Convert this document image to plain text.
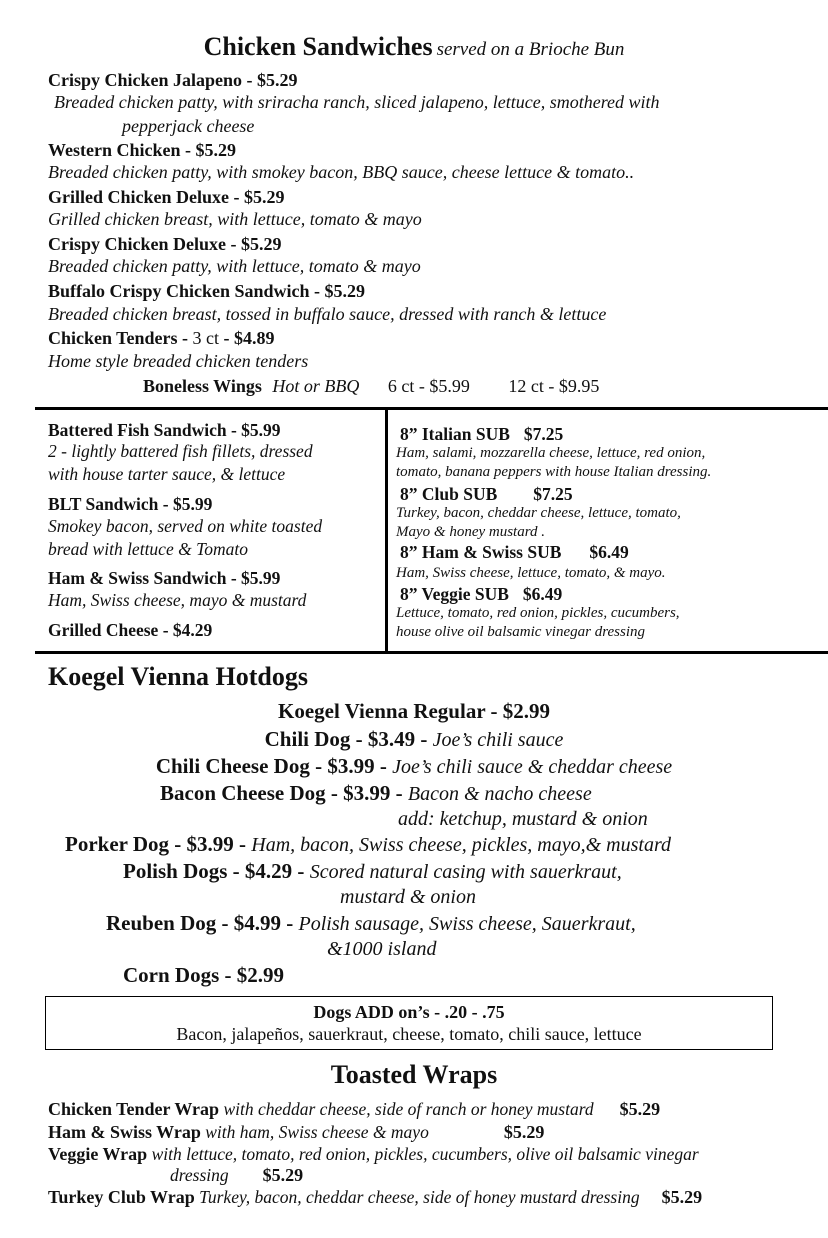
Chicken Sandwiches served on a Brioche Bun
Crispy Chicken Jalapeno - $5.29
Breaded chicken patty, with sriracha ranch, sliced jalapeno, lettuce, smothered with
pepperjack cheese
Western Chicken - $5.29
Breaded chicken patty, with smokey bacon, BBQ sauce, cheese lettuce & tomato..
Grilled Chicken Deluxe - $5.29
Grilled chicken breast, with lettuce, tomato & mayo
Crispy Chicken Deluxe - $5.29
Breaded chicken patty, with lettuce, tomato & mayo
Buffalo Crispy Chicken Sandwich - $5.29
Breaded chicken breast, tossed in buffalo sauce, dressed with ranch & lettuce
Chicken Tenders - 3 ct - $4.89
Home style breaded chicken tenders
Boneless Wings Hot or BBQ 6 ct - $5.99 12 ct - $9.95
Battered Fish Sandwich - $5.99
2 - lightly battered fish fillets, dressed
with house tarter sauce, & lettuce
BLT Sandwich - $5.99
Smokey bacon, served on white toasted
bread with lettuce & Tomato
Ham & Swiss Sandwich - $5.99
Ham, Swiss cheese, mayo & mustard
Grilled Cheese - $4.29
8” Italian SUB $7.25
Ham, salami, mozzarella cheese, lettuce, red onion,
tomato, banana peppers with house Italian dressing.
8” Club SUB $7.25
Turkey, bacon, cheddar cheese, lettuce, tomato,
Mayo & honey mustard .
8” Ham & Swiss SUB $6.49
Ham, Swiss cheese, lettuce, tomato, & mayo.
8” Veggie SUB $6.49
Lettuce, tomato, red onion, pickles, cucumbers,
house olive oil balsamic vinegar dressing
Koegel Vienna Hotdogs
Koegel Vienna Regular - $2.99
Chili Dog - $3.49 - Joe’s chili sauce
Chili Cheese Dog - $3.99 - Joe’s chili sauce & cheddar cheese
Bacon Cheese Dog - $3.99 - Bacon & nacho cheese
add: ketchup, mustard & onion
Porker Dog - $3.99 - Ham, bacon, Swiss cheese, pickles, mayo,& mustard
Polish Dogs - $4.29 - Scored natural casing with sauerkraut,
mustard & onion
Reuben Dog - $4.99 - Polish sausage, Swiss cheese, Sauerkraut,
&1000 island
Corn Dogs - $2.99
Dogs ADD on’s - .20 - .75
Bacon, jalapeños, sauerkraut, cheese, tomato, chili sauce, lettuce
Toasted Wraps
Chicken Tender Wrap with cheddar cheese, side of ranch or honey mustard $5.29
Ham & Swiss Wrap with ham, Swiss cheese & mayo	$5.29
Veggie Wrap with lettuce, tomato, red onion, pickles, cucumbers, olive oil balsamic vinegar
dressing $5.29
Turkey Club Wrap Turkey, bacon, cheddar cheese, side of honey mustard dressing $5.29
